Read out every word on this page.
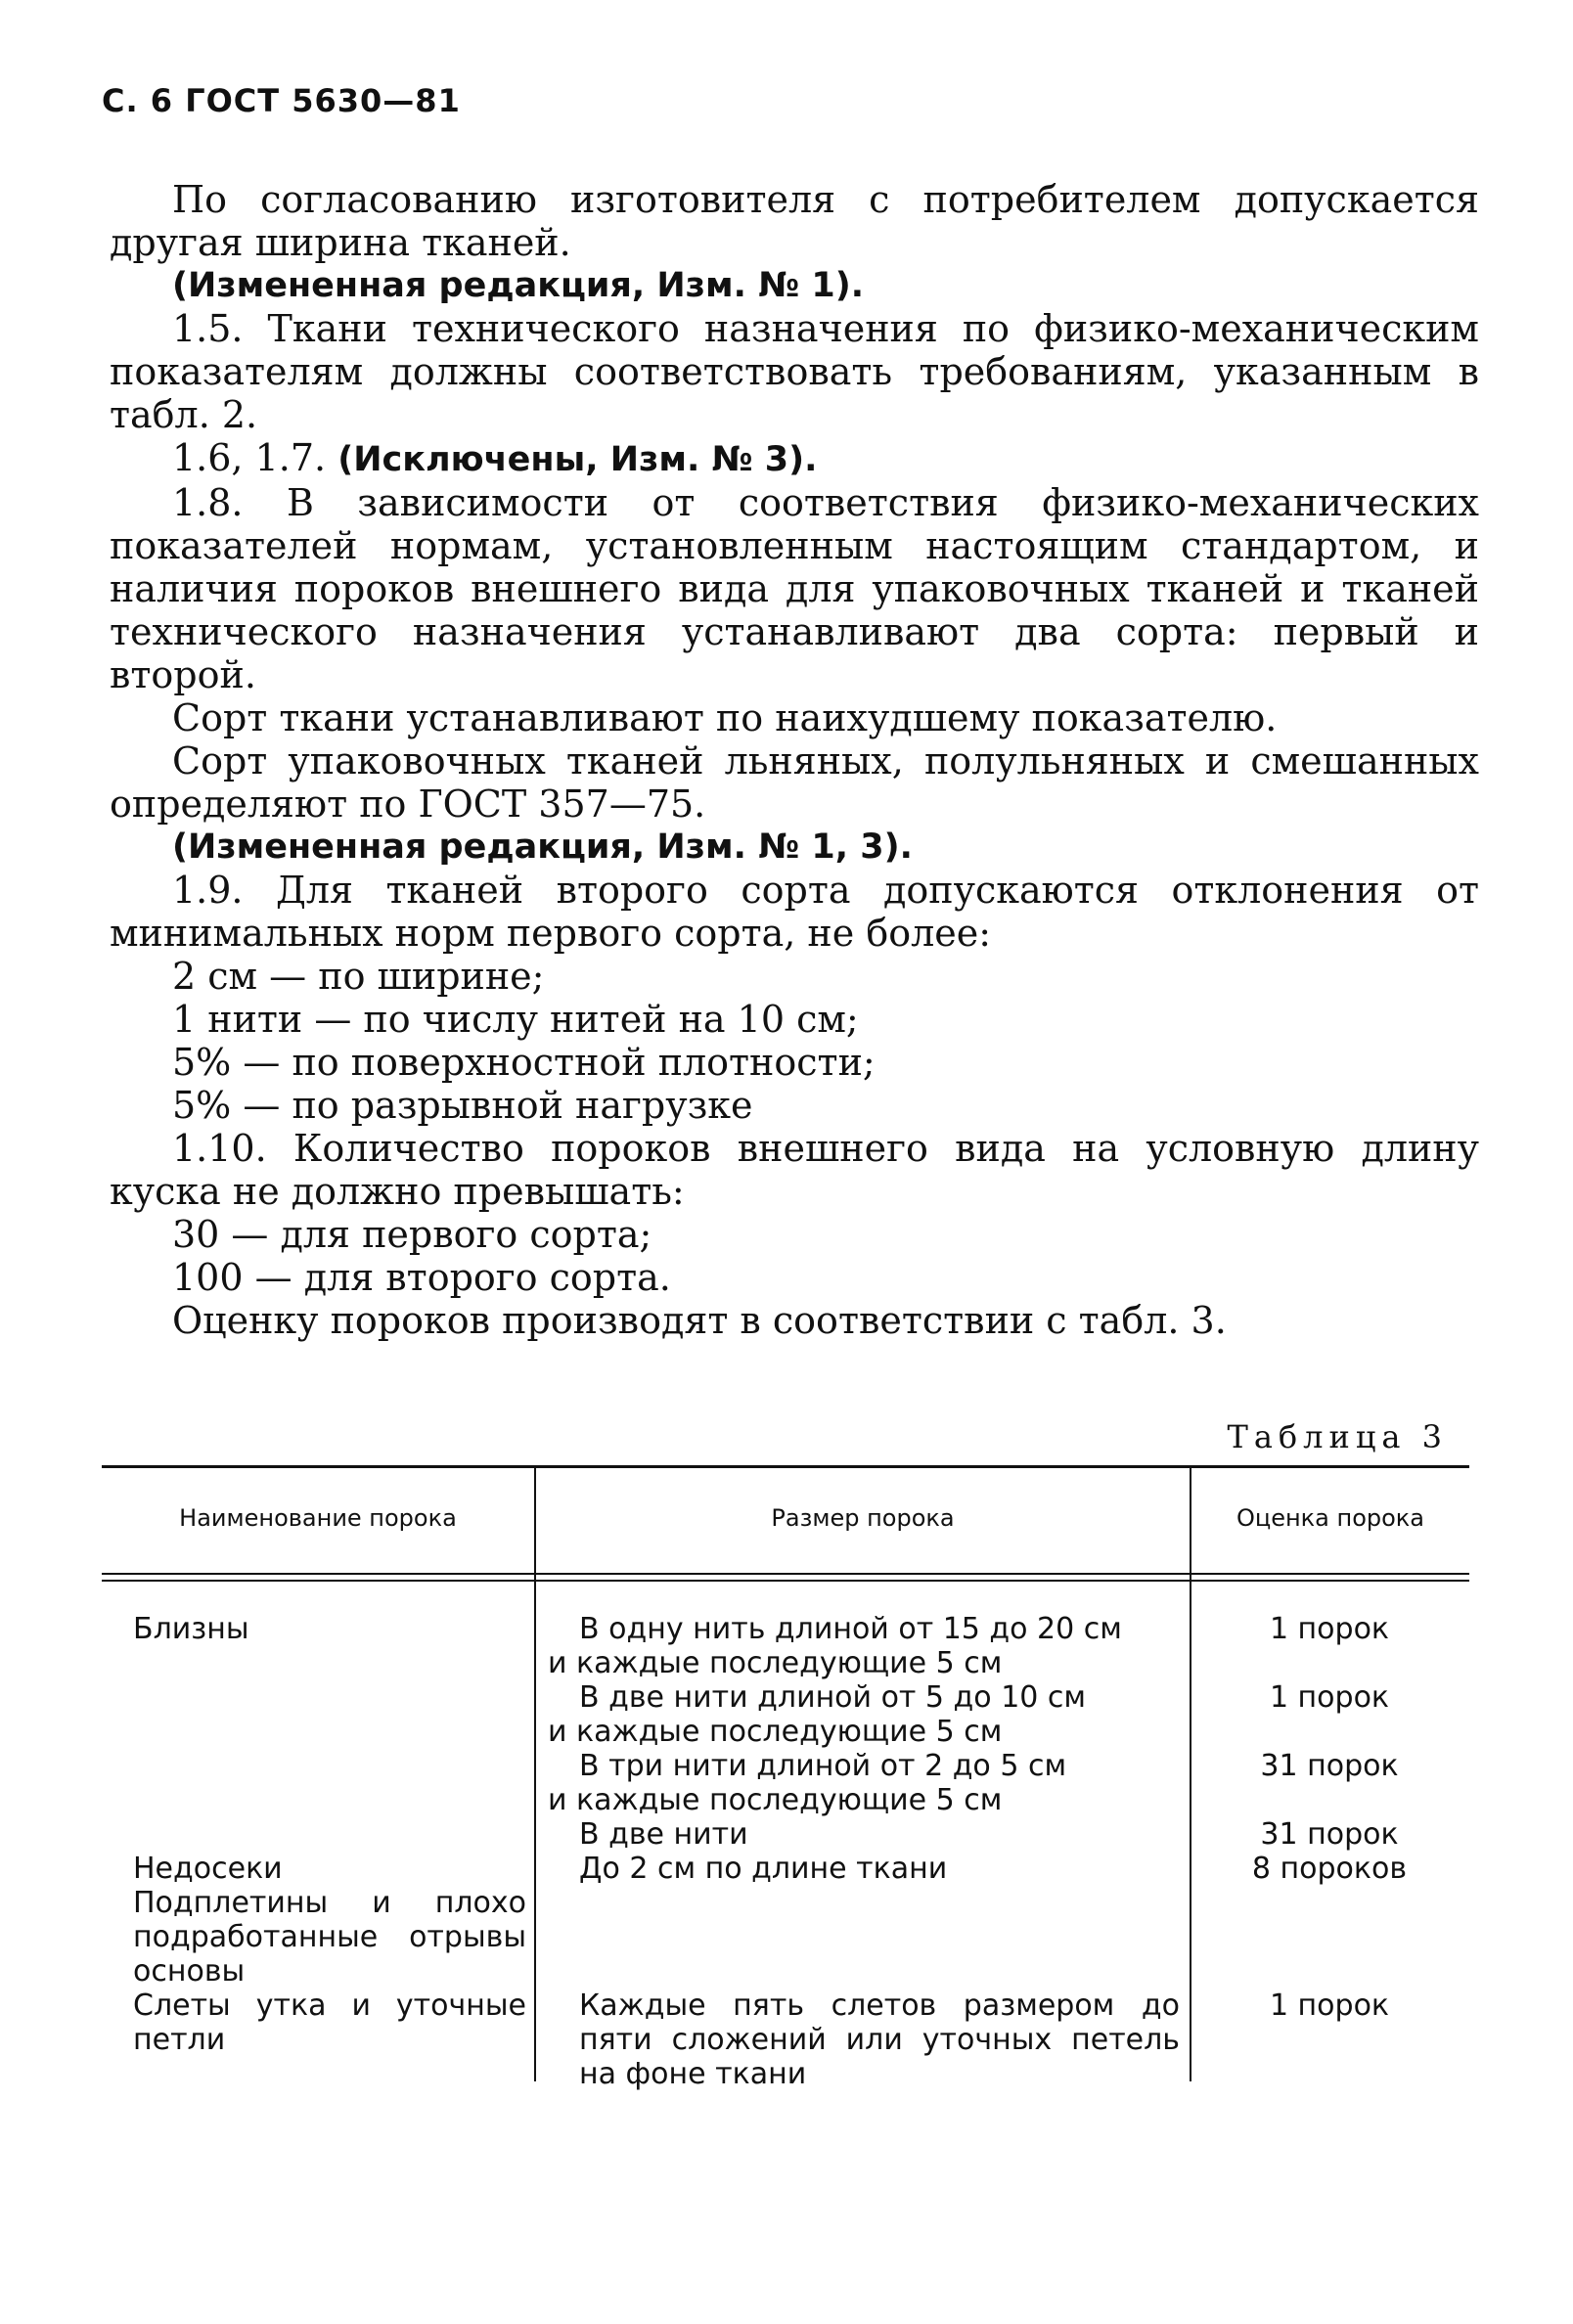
С. 6 ГОСТ 5630—81

По согласованию изготовителя с потребителем допускается другая ширина тканей.

(Измененная редакция, Изм. № 1).

1.5. Ткани технического назначения по физико-механическим показателям должны соответствовать требованиям, указанным в табл. 2.

1.6, 1.7. (Исключены, Изм. № 3).

1.8. В зависимости от соответствия физико-механических показателей нормам, установленным настоящим стандартом, и наличия пороков внешнего вида для упаковочных тканей и тканей технического назначения устанавливают два сорта: первый и второй.

Сорт ткани устанавливают по наихудшему показателю.

Сорт упаковочных тканей льняных, полульняных и смешанных определяют по ГОСТ 357—75.

(Измененная редакция, Изм. № 1, 3).

1.9. Для тканей второго сорта допускаются отклонения от минимальных норм первого сорта, не более:

2 см — по ширине;

1 нити — по числу нитей на 10 см;

5% — по поверхностной плотности;

5% — по разрывной нагрузке

1.10. Количество пороков внешнего вида на условную длину куска не должно превышать:

30 — для первого сорта;

100 — для второго сорта.

Оценку пороков производят в соответствии с табл. 3.

Таблица 3
Наименование порока	Размер порока	Оценка порока
Близны
Недосеки
Подплетины и плохо подработанные отрывы основы
Слеты утка и уточные петли
В одну нить длиной от 15 до 20 см
и каждые последующие 5 см
В две нити длиной от 5 до 10 см
и каждые последующие 5 см
В три нити длиной от 2 до 5 см
и каждые последующие 5 см
В две нити
До 2 см по длине ткани
Каждые пять слетов размером до пяти сложений или уточных петель на фоне ткани
1 порок
1 порок
31 порок
31 порок
8 пороков
1 порок
